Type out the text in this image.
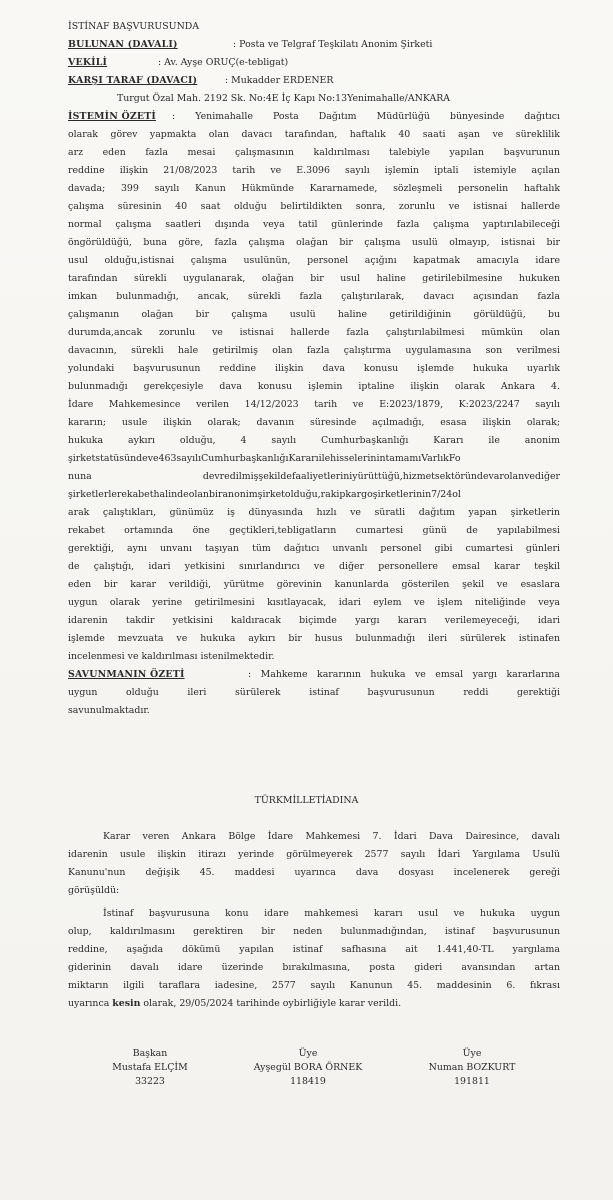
İSTİNAF BAŞVURUSUNDA
BULUNAN (DAVALI)	: Posta ve Telgraf Teşkilatı Anonim Şirketi
VEKİLİ	: Av. Ayşe ORUÇ(e-tebligat)
KARŞI TARAF (DAVACI)	: Mukadder ERDENER
Turgut Özal Mah. 2192 Sk. No:4E İç Kapı No:13Yenimahalle/ANKARA
İSTEMİN ÖZETİ : Yenimahalle Posta Dağıtım Müdürlüğü bünyesinde dağıtıcı
olarak görev yapmakta olan davacı tarafından, haftalık 40 saati aşan ve süreklilik
arz eden fazla mesai çalışmasının kaldırılması talebiyle yapılan başvurunun
reddine ilişkin 21/08/2023 tarih ve E.3096 sayılı işlemin iptali istemiyle açılan
davada; 399 sayılı Kanun Hükmünde Kararnamede, sözleşmeli personelin haftalık
çalışma süresinin 40 saat olduğu belirtildikten sonra, zorunlu ve istisnai hallerde
normal çalışma saatleri dışında veya tatil günlerinde fazla çalışma yaptırılabileceği
öngörüldüğü, buna göre, fazla çalışma olağan bir çalışma usulü olmayıp, istisnai bir
usul olduğu,istisnai çalışma usulünün, personel açığını kapatmak amacıyla idare
tarafından sürekli uygulanarak, olağan bir usul haline getirilebilmesine hukuken
imkan bulunmadığı, ancak, sürekli fazla çalıştırılarak, davacı açısından fazla
çalışmanın olağan bir çalışma usulü haline getirildiğinin görüldüğü, bu
durumda,ancak zorunlu ve istisnai hallerde fazla çalıştırılabilmesi mümkün olan
davacının, sürekli hale getirilmiş olan fazla çalıştırma uygulamasına son verilmesi
yolundaki başvurusunun reddine ilişkin dava konusu işlemde hukuka uyarlık
bulunmadığı gerekçesiyle dava konusu işlemin iptaline ilişkin olarak Ankara 4.
İdare Mahkemesince verilen 14/12/2023 tarih ve E:2023/1879, K:2023/2247 sayılı
kararın; usule ilişkin olarak; davanın süresinde açılmadığı, esasa ilişkin olarak;
hukuka aykırı olduğu, 4 sayılı Cumhurbaşkanlığı Kararı ile anonim
şirketstatüsündeve463sayılıCumhurbaşkanlığıKararıilehisselerinintamamıVarlıkFo
nuna devredilmişşekildefaaliyetleriniyürüttüğü,hizmetsektöründevarolanvediğer
şirketlerlerekabethalindeolanbiranonimşirketolduğu,rakipkargoşirketlerinin7/24ol
arak çalıştıkları, günümüz iş dünyasında hızlı ve süratli dağıtım yapan şirketlerin
rekabet ortamında öne geçtikleri,tebligatların cumartesi günü de yapılabilmesi
gerektiği, aynı unvanı taşıyan tüm dağıtıcı unvanlı personel gibi cumartesi günleri
de çalıştığı, idari yetkisini sınırlandırıcı ve diğer personellere emsal karar teşkil
eden bir karar verildiği, yürütme görevinin kanunlarda gösterilen şekil ve esaslara
uygun olarak yerine getirilmesini kısıtlayacak, idari eylem ve işlem niteliğinde veya
idarenin takdir yetkisini kaldıracak biçimde yargı kararı verilemeyeceği, idari
işlemde mevzuata ve hukuka aykırı bir husus bulunmadığı ileri sürülerek istinafen
incelenmesi ve kaldırılması istenilmektedir.
SAVUNMANIN ÖZETİ	: Mahkeme kararının hukuka ve emsal yargı kararlarına
uygun olduğu ileri sürülerek istinaf başvurusunun reddi gerektiği
savunulmaktadır.
TÜRKMİLLETİADINA
Karar veren Ankara Bölge İdare Mahkemesi 7. İdari Dava Dairesince, davalı
idarenin usule ilişkin itirazı yerinde görülmeyerek 2577 sayılı İdari Yargılama Usulü
Kanunu'nun değişik 45. maddesi uyarınca dava dosyası incelenerek gereği
görüşüldü:
İstinaf başvurusuna konu idare mahkemesi kararı usul ve hukuka uygun
olup, kaldırılmasını gerektiren bir neden bulunmadığından, istinaf başvurusunun
reddine, aşağıda dökümü yapılan istinaf safhasına ait 1.441,40-TL yargılama
giderinin davalı idare üzerinde bırakılmasına, posta gideri avansından artan
miktarın ilgili taraflara iadesine, 2577 sayılı Kanunun 45. maddesinin 6. fıkrası
uyarınca kesin olarak, 29/05/2024 tarihinde oybirliğiyle karar verildi.
Başkan
Mustafa ELÇİM
33223
Üye
Ayşegül BORA ÖRNEK
118419
Üye
Numan BOZKURT
191811
